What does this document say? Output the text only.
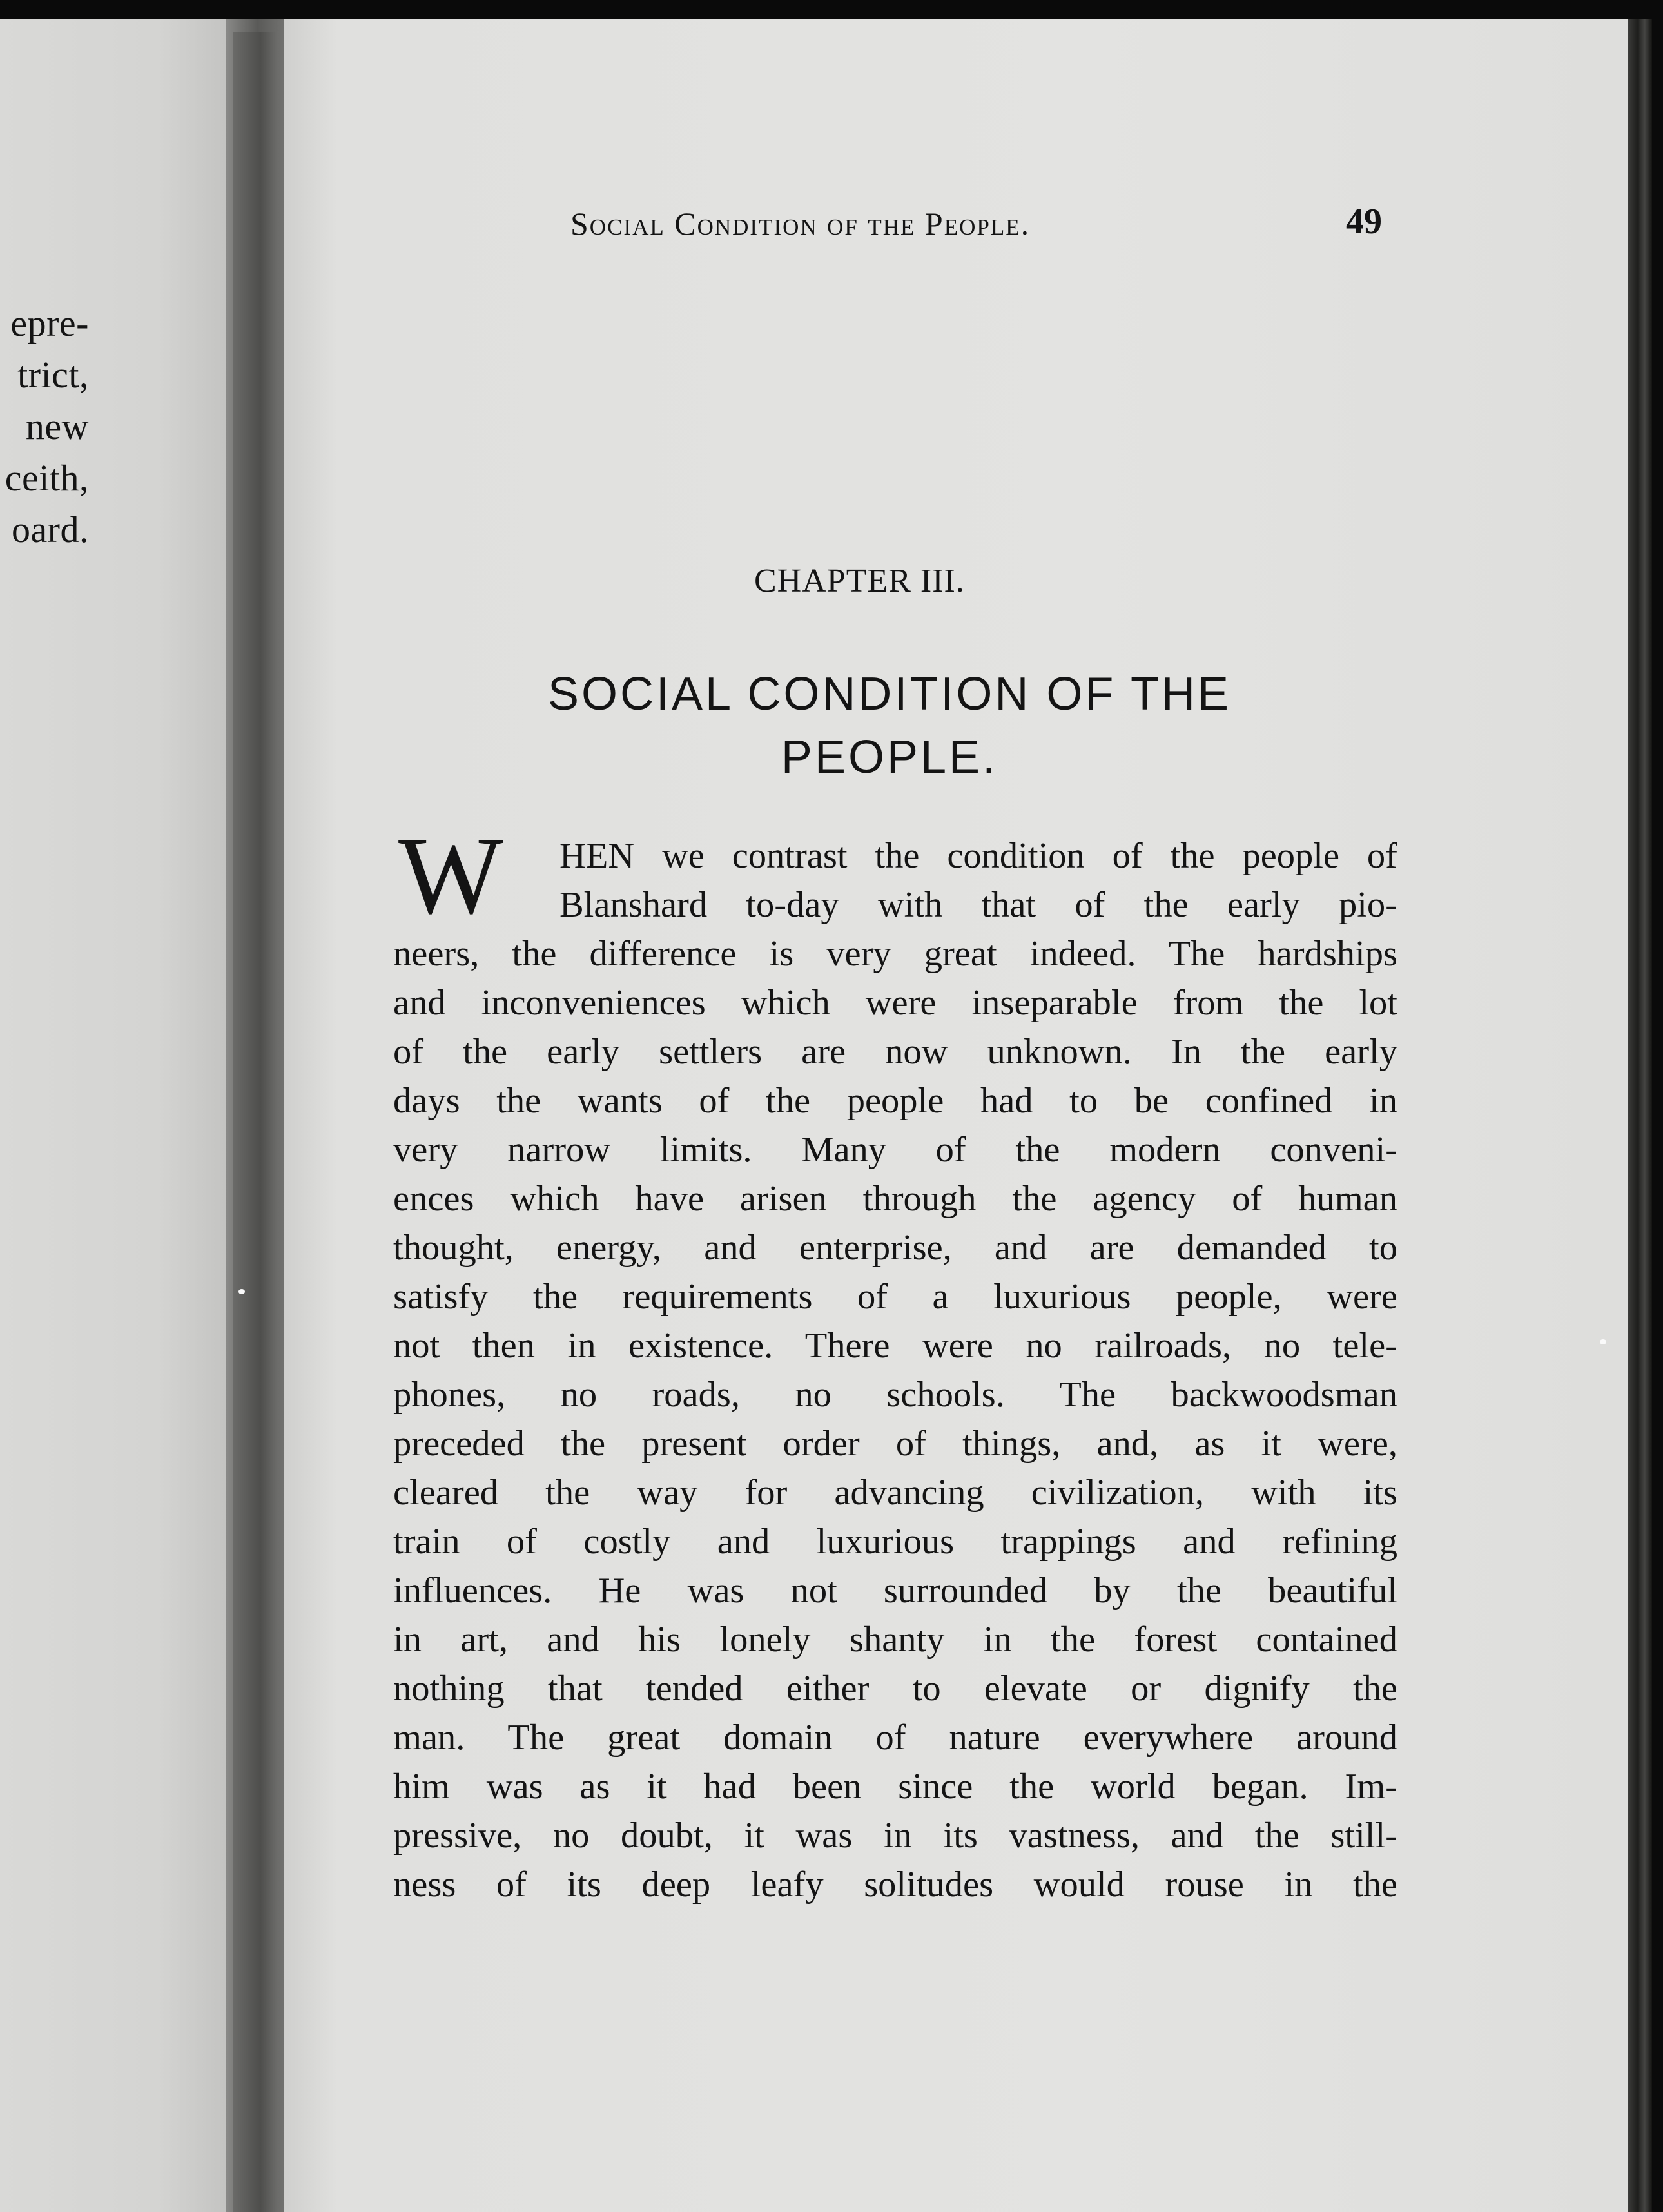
epre-
trict,
new
ceith,
oard.
Social Condition of the People.	49
CHAPTER III.
SOCIAL CONDITION OF THE
PEOPLE.
W HEN we contrast the condition of the people of
Blanshard to-day with that of the early pio-
neers, the difference is very great indeed. The hardships
and inconveniences which were inseparable from the lot
of the early settlers are now unknown. In the early
days the wants of the people had to be confined in
very narrow limits. Many of the modern conveni-
ences which have arisen through the agency of human
thought, energy, and enterprise, and are demanded to
satisfy the requirements of a luxurious people, were
not then in existence. There were no railroads, no tele-
phones, no roads, no schools. The backwoodsman
preceded the present order of things, and, as it were,
cleared the way for advancing civilization, with its
train of costly and luxurious trappings and refining
influences. He was not surrounded by the beautiful
in art, and his lonely shanty in the forest contained
nothing that tended either to elevate or dignify the
man. The great domain of nature everywhere around
him was as it had been since the world began. Im-
pressive, no doubt, it was in its vastness, and the still-
ness of its deep leafy solitudes would rouse in the
